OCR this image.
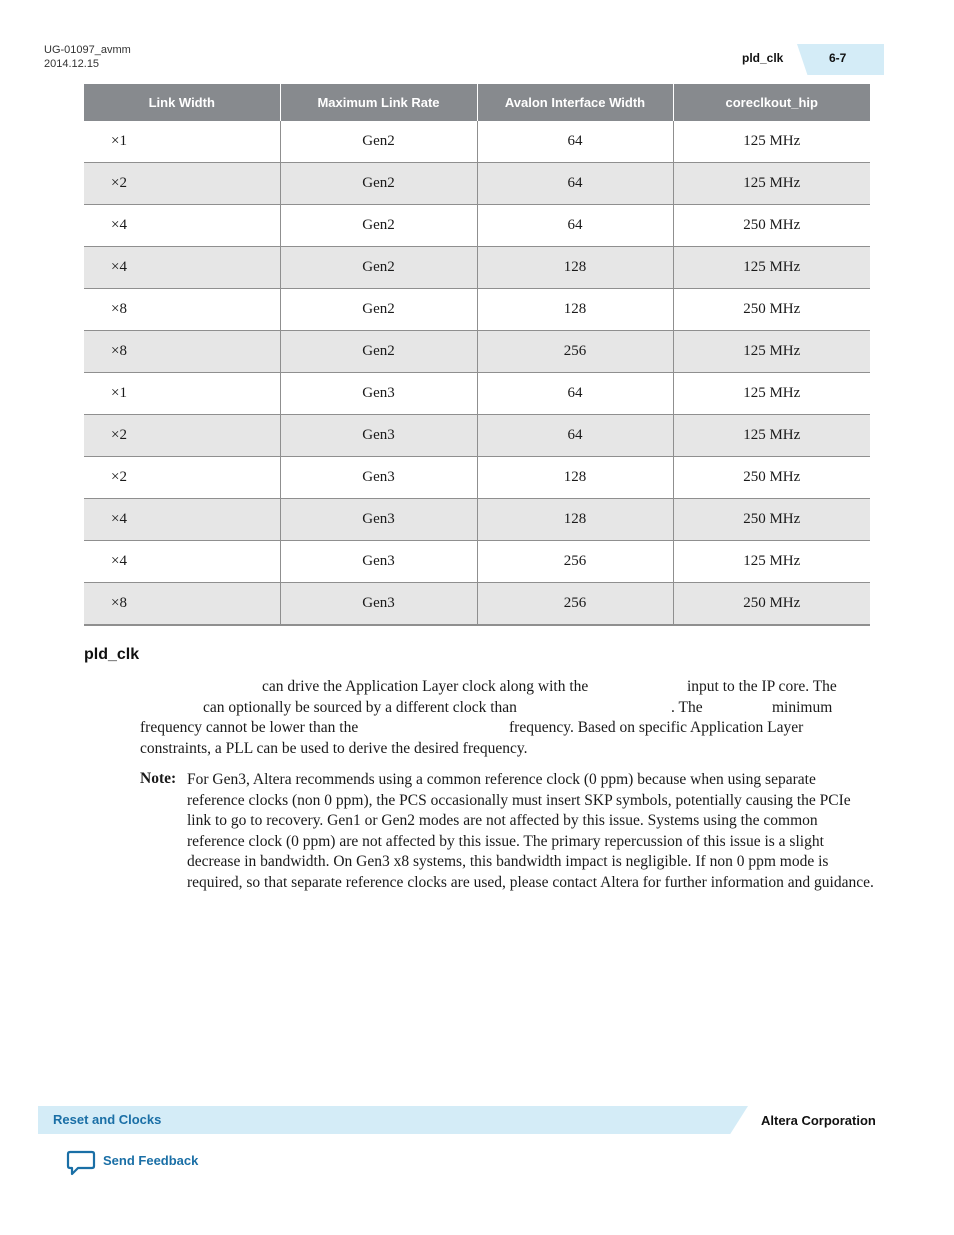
UG-01097_avmm
2014.12.15	pld_clk	6-7
Link Width	Maximum Link Rate	Avalon Interface Width	coreclkout_hip
×1	Gen2	64	125 MHz
×2	Gen2	64	125 MHz
×4	Gen2	64	250 MHz
×4	Gen2	128	125 MHz
×8	Gen2	128	250 MHz
×8	Gen2	256	125 MHz
×1	Gen3	64	125 MHz
×2	Gen3	64	125 MHz
×2	Gen3	128	250 MHz
×4	Gen3	128	250 MHz
×4	Gen3	256	125 MHz
×8	Gen3	256	250 MHz
pld_clk
can drive the Application Layer clock along with the	input to the IP core. The
can optionally be sourced by a different clock than	. The	minimum
frequency cannot be lower than the	frequency. Based on specific Application Layer
constraints, a PLL can be used to derive the desired frequency.
Note: For Gen3, Altera recommends using a common reference clock (0 ppm) because when using separate reference clocks (non 0 ppm), the PCS occasionally must insert SKP symbols, potentially causing the PCIe link to go to recovery. Gen1 or Gen2 modes are not affected by this issue. Systems using the common reference clock (0 ppm) are not affected by this issue. The primary repercussion of this issue is a slight decrease in bandwidth. On Gen3 x8 systems, this bandwidth impact is negligible. If non 0 ppm mode is required, so that separate reference clocks are used, please contact Altera for further information and guidance.
Reset and Clocks	Altera Corporation
Send Feedback
